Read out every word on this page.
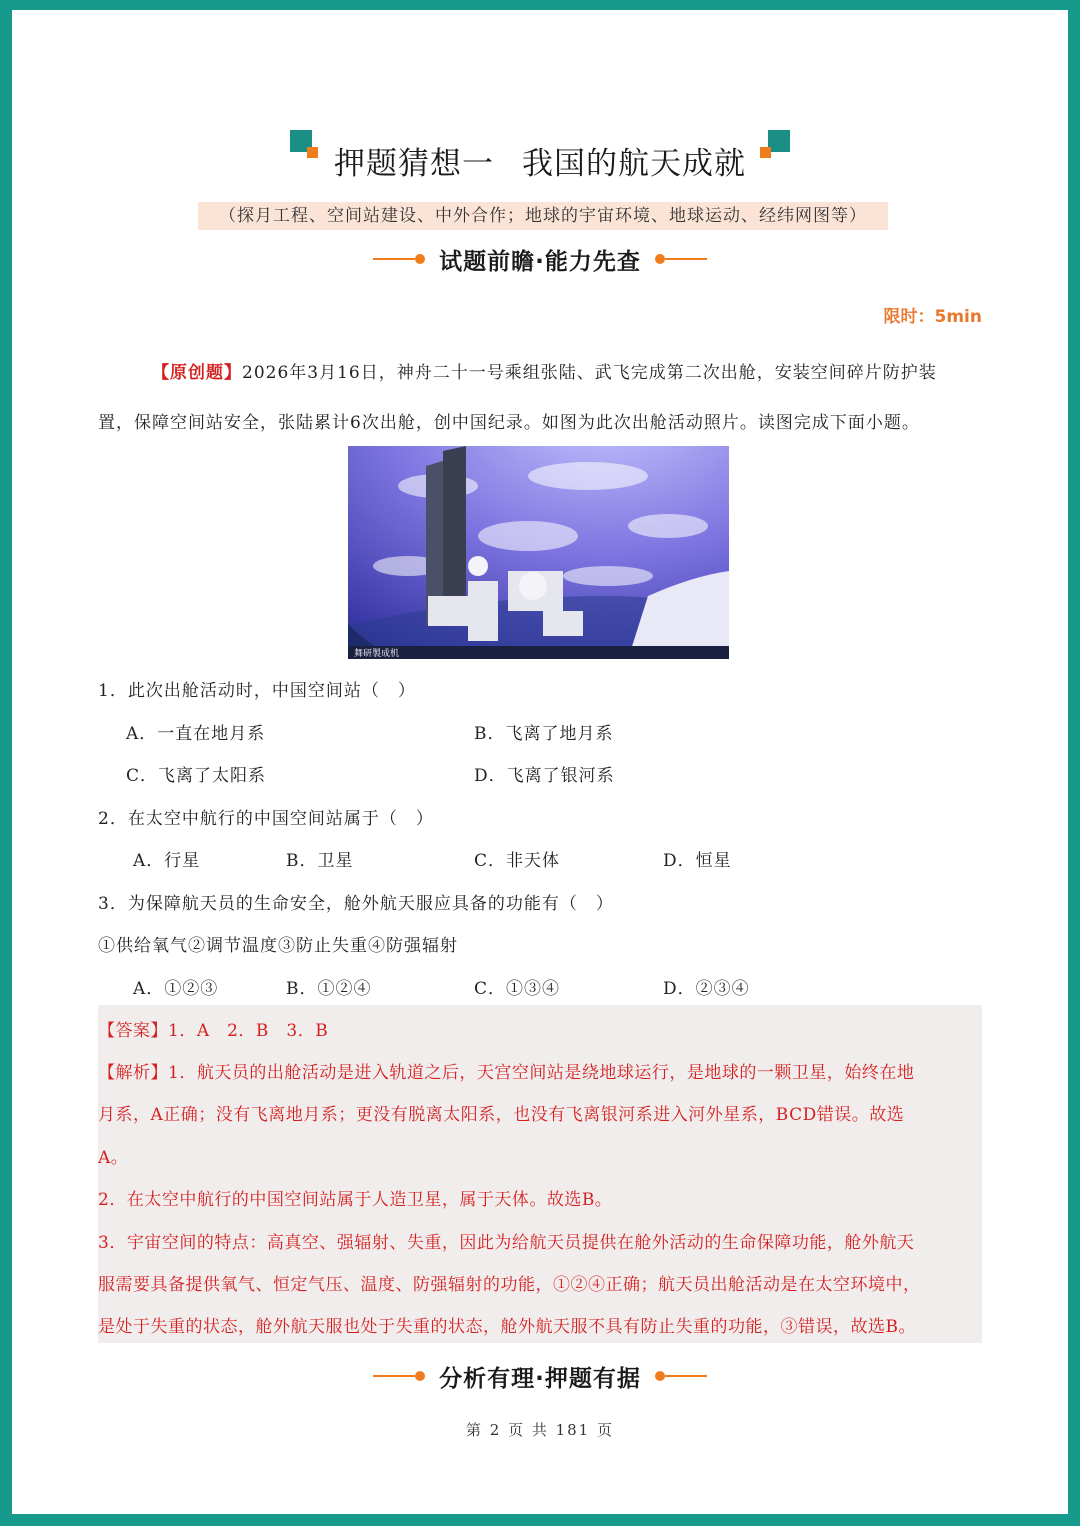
押题猜想一 我国的航天成就
（探月工程、空间站建设、中外合作；地球的宇宙环境、地球运动、经纬网图等）
试题前瞻·能力先查
限时：5min
【原创题】2026年3月16日，神舟二十一号乘组张陆、武飞完成第二次出舱，安装空间碎片防护装
置，保障空间站安全，张陆累计6次出舱，创中国纪录。如图为此次出舱活动照片。读图完成下面小题。
舞研製成机
1．此次出舱活动时，中国空间站（　）
A．一直在地月系	B．飞离了地月系
C．飞离了太阳系	D．飞离了银河系
2．在太空中航行的中国空间站属于（　）
A．行星	B．卫星	C．非天体	D．恒星
3．为保障航天员的生命安全，舱外航天服应具备的功能有（　）
①供给氧气②调节温度③防止失重④防强辐射
A．①②③	B．①②④	C．①③④	D．②③④
【答案】1．A　2．B　3．B
【解析】1．航天员的出舱活动是进入轨道之后，天宫空间站是绕地球运行，是地球的一颗卫星，始终在地
月系，A正确；没有飞离地月系；更没有脱离太阳系，也没有飞离银河系进入河外星系，BCD错误。故选
A。
2．在太空中航行的中国空间站属于人造卫星，属于天体。故选B。
3．宇宙空间的特点：高真空、强辐射、失重，因此为给航天员提供在舱外活动的生命保障功能，舱外航天
服需要具备提供氧气、恒定气压、温度、防强辐射的功能，①②④正确；航天员出舱活动是在太空环境中，
是处于失重的状态，舱外航天服也处于失重的状态，舱外航天服不具有防止失重的功能，③错误，故选B。
分析有理·押题有据
第 2 页 共 181 页
